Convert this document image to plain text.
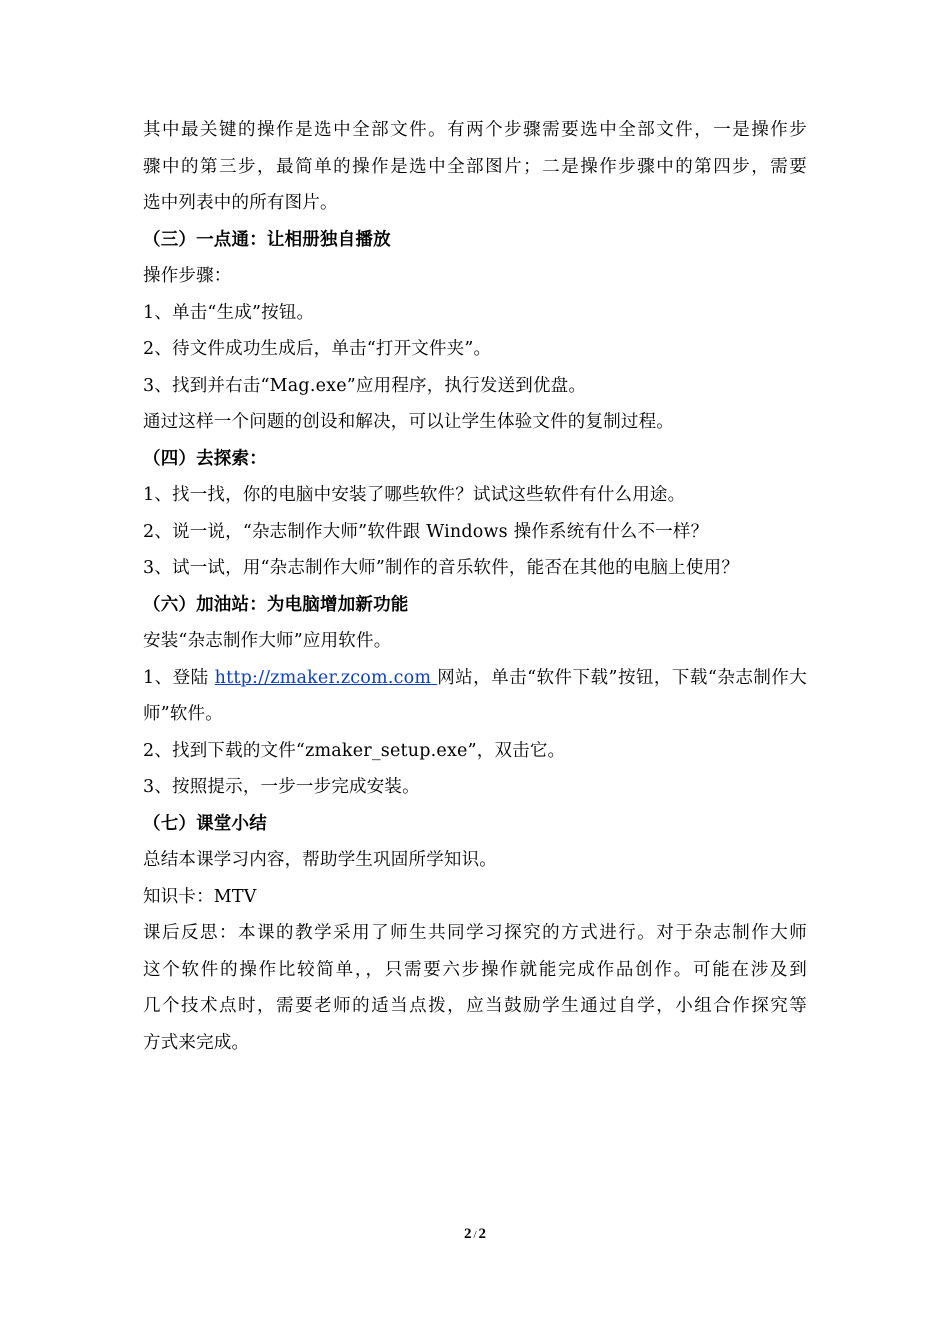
其中最关键的操作是选中全部文件。有两个步骤需要选中全部文件，一是操作步
骤中的第三步，最简单的操作是选中全部图片；二是操作步骤中的第四步，需要
选中列表中的所有图片。
（三）一点通：让相册独自播放
操作步骤：
1、单击“生成”按钮。
2、待文件成功生成后，单击“打开文件夹”。
3、找到并右击“Mag.exe”应用程序，执行发送到优盘。
通过这样一个问题的创设和解决，可以让学生体验文件的复制过程。
（四）去探索：
1、找一找，你的电脑中安装了哪些软件？试试这些软件有什么用途。
2、说一说，“杂志制作大师”软件跟 Windows 操作系统有什么不一样？
3、试一试，用“杂志制作大师”制作的音乐软件，能否在其他的电脑上使用？
（六）加油站：为电脑增加新功能
安装“杂志制作大师”应用软件。
1、登陆 http://zmaker.zcom.com 网站，单击“软件下载”按钮，下载“杂志制作大
师”软件。
2、找到下载的文件“zmaker_setup.exe”，双击它。
3、按照提示，一步一步完成安装。
（七）课堂小结
总结本课学习内容，帮助学生巩固所学知识。
知识卡：MTV
课后反思：本课的教学采用了师生共同学习探究的方式进行。对于杂志制作大师
这个软件的操作比较简单，，只需要六步操作就能完成作品创作。可能在涉及到
几个技术点时，需要老师的适当点拨，应当鼓励学生通过自学，小组合作探究等
方式来完成。
2 / 2
